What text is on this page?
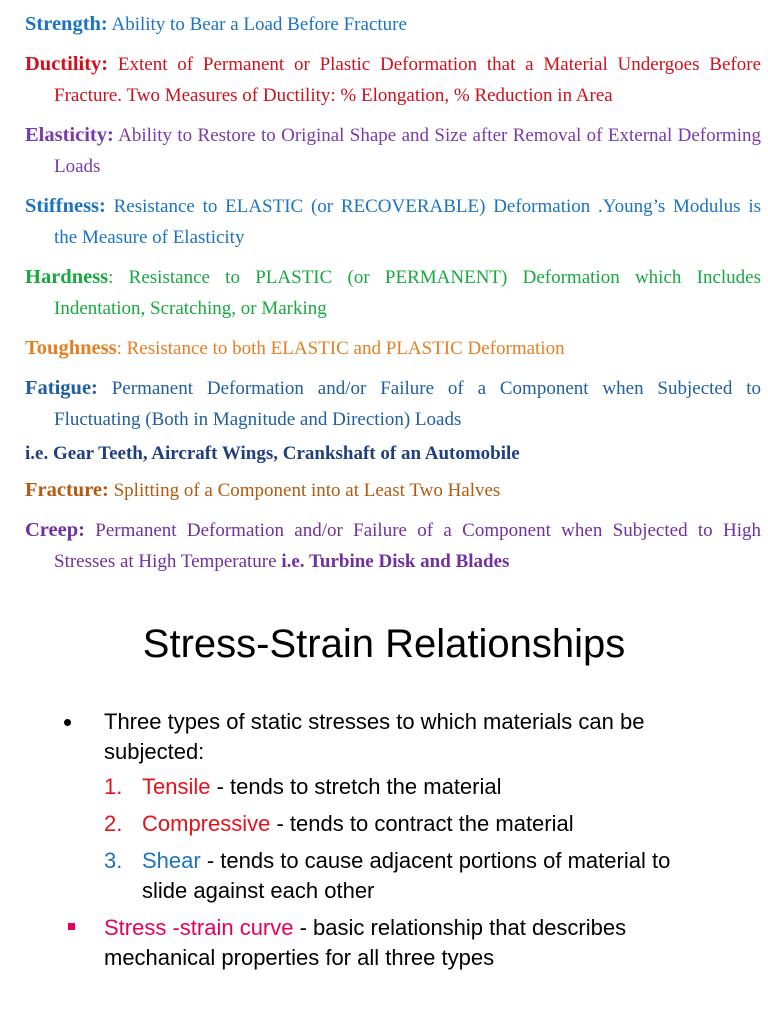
Strength: Ability to Bear a Load Before Fracture

Ductility: Extent of Permanent or Plastic Deformation that a Material Undergoes Before Fracture. Two Measures of Ductility: % Elongation, % Reduction in Area

Elasticity: Ability to Restore to Original Shape and Size after Removal of External Deforming Loads

Stiffness: Resistance to ELASTIC (or RECOVERABLE) Deformation .Young’s Modulus is the Measure of Elasticity

Hardness: Resistance to PLASTIC (or PERMANENT) Deformation which Includes Indentation, Scratching, or Marking

Toughness: Resistance to both ELASTIC and PLASTIC Deformation

Fatigue: Permanent Deformation and/or Failure of a Component when Subjected to Fluctuating (Both in Magnitude and Direction) Loads

i.e. Gear Teeth, Aircraft Wings, Crankshaft of an Automobile

Fracture: Splitting of a Component into at Least Two Halves

Creep: Permanent Deformation and/or Failure of a Component when Subjected to High Stresses at High Temperature i.e. Turbine Disk and Blades

Stress-Strain Relationships
Three types of static stresses to which materials can be subjected:
1. Tensile - tends to stretch the material
2. Compressive - tends to contract the material
3. Shear - tends to cause adjacent portions of material to slide against each other
Stress -strain curve - basic relationship that describes mechanical properties for all three types
